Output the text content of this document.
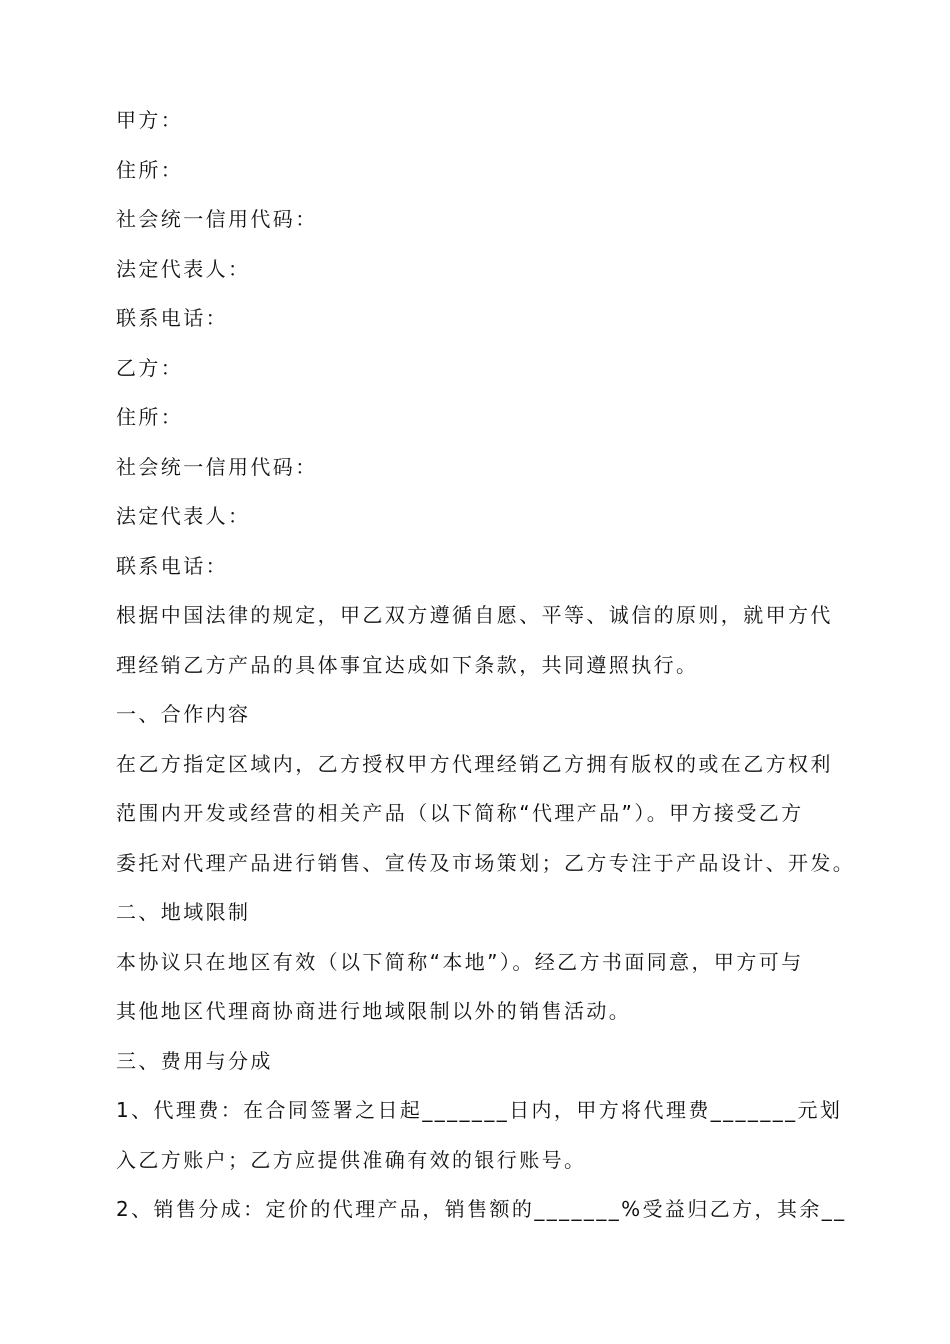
甲方：
住所：
社会统一信用代码：
法定代表人：
联系电话：
乙方：
住所：
社会统一信用代码：
法定代表人：
联系电话：
根据中国法律的规定，甲乙双方遵循自愿、平等、诚信的原则，就甲方代
理经销乙方产品的具体事宜达成如下条款，共同遵照执行。
一、合作内容
在乙方指定区域内，乙方授权甲方代理经销乙方拥有版权的或在乙方权利
范围内开发或经营的相关产品（以下简称“代理产品”）。甲方接受乙方
委托对代理产品进行销售、宣传及市场策划；乙方专注于产品设计、开发。
二、地域限制
本协议只在地区有效（以下简称“本地”）。经乙方书面同意，甲方可与
其他地区代理商协商进行地域限制以外的销售活动。
三、费用与分成
1、代理费：在合同签署之日起_______日内，甲方将代理费_______元划
入乙方账户；乙方应提供准确有效的银行账号。
2、销售分成：定价的代理产品，销售额的_______%受益归乙方，其余__
